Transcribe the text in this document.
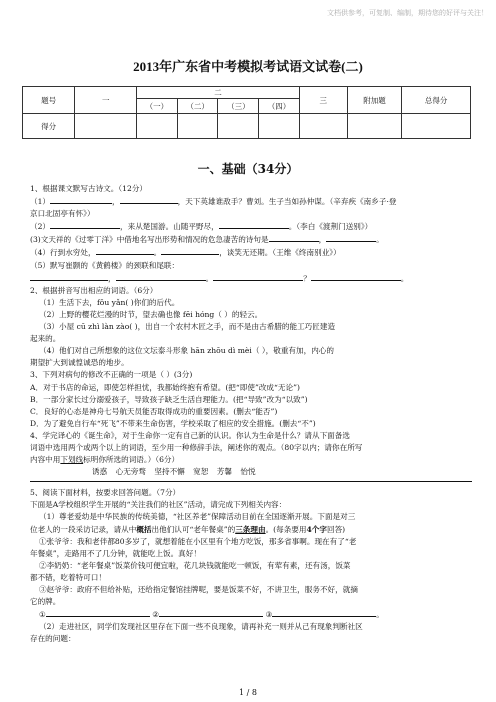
文档供参考，可复制、编制，期待您的好评与关注！
2013年广东省中考模拟考试语文试卷(二)
题号	一	二				三	附加题	总得分
		（一）	（二）	（三）	（四）			
得分								
一、基础（34分）

1、根据课文默写古诗文。（12分）

（1）	，	，天下英雄谁敌手？曹刘。生子当如孙仲谋。（辛弃疾《南乡子·登

京口北固亭有怀》）

（2）	，来从楚国游。山随平野尽，	。（李白《渡荆门送别》）

(3)文天祥的《过零丁洋》中借地名写出形势和情况的危急凄苦的诗句是	，	。

（4）行到水穷处，	。	，谈笑无还期。（王维《终南别业》）

（5）默写崔颢的《黄鹤楼》的颈联和尾联：

，	。	？	。

2、根据拼音写出相应的词语。（6分）

（1）生活下去，fǒu yǎn( )你们的后代。

（2）上野的樱花烂漫的时节，望去确也像 fēi hóng（ ）的轻云。

（3）小屋 cū zhì làn zào( )，出自一个农村木匠之手，而不是由古希腊的能工巧匠建造

起来的。

（4）他们对自己所想象的这位文坛泰斗形象 hān zhōu dì mèi（ ），敬重有加，内心的

期望扩大到诚惶诚恐的地步。

3、下列对病句的修改不正确的一项是（ ）(3分)

A．对于书店的命运，即使怎样担忧，我都始终抱有希望。(把“即使”改成“无论”)

B．一部分家长过分溺爱孩子，导致孩子缺乏生活自理能力。(把“导致”改为“以致”)

C．良好的心态是神舟七号航天员能否取得成功的重要因素。(删去“能否”)

D．为了避免自行车“死飞”不带来生命伤害，学校采取了相应的安全措施。(删去“不”)

4、学完译心的《诞生命》，对于生命你一定有自己新的认识。你认为生命是什么？请从下面备选

词语中选用两个或两个以上的词语，至少用一种修辞手法，阐述你的观点。（80字以内；请你在所写

内容中用下划线标明你所选的词语。）（6分）

诱惑 心无旁骛 坚持不懈 宽恕 芳馨 怡悦

5、阅读下面材料，按要求回答问题。（7分）

下面是A学校组织学生开展的“关注我们的社区”活动，请完成下列相关内容：

（1）尊老爱幼是中华民族的传统美德，“社区养老”保障活动目前在全国逐渐开展。下面是对三

位老人的一段采访记录，请从中概括出他们认可“老年餐桌”的三条理由。(每条要用4个字回答)

①张爷爷：我和老伴都80多岁了，就想着能在小区里有个地方吃饭，那多省事啊。现在有了“老

年餐桌”，走路用不了几分钟，就能吃上饭。真好！

②李奶奶：“老年餐桌”饭菜价钱可便宜啦，花几块钱就能吃一顿饭，有荤有素，还有汤，饭菜

都不错，吃着特可口！

③赵爷爷：政府不但给补贴，还给指定餐馆挂牌呢，要是饭菜不好，不讲卫生，服务不好，就摘

它的牌。

①	②	③	。

（2）走进社区，同学们发现社区里存在下面一些不良现象，请再补充一则并从己有现象判断社区

存在的问题：

1 / 8
